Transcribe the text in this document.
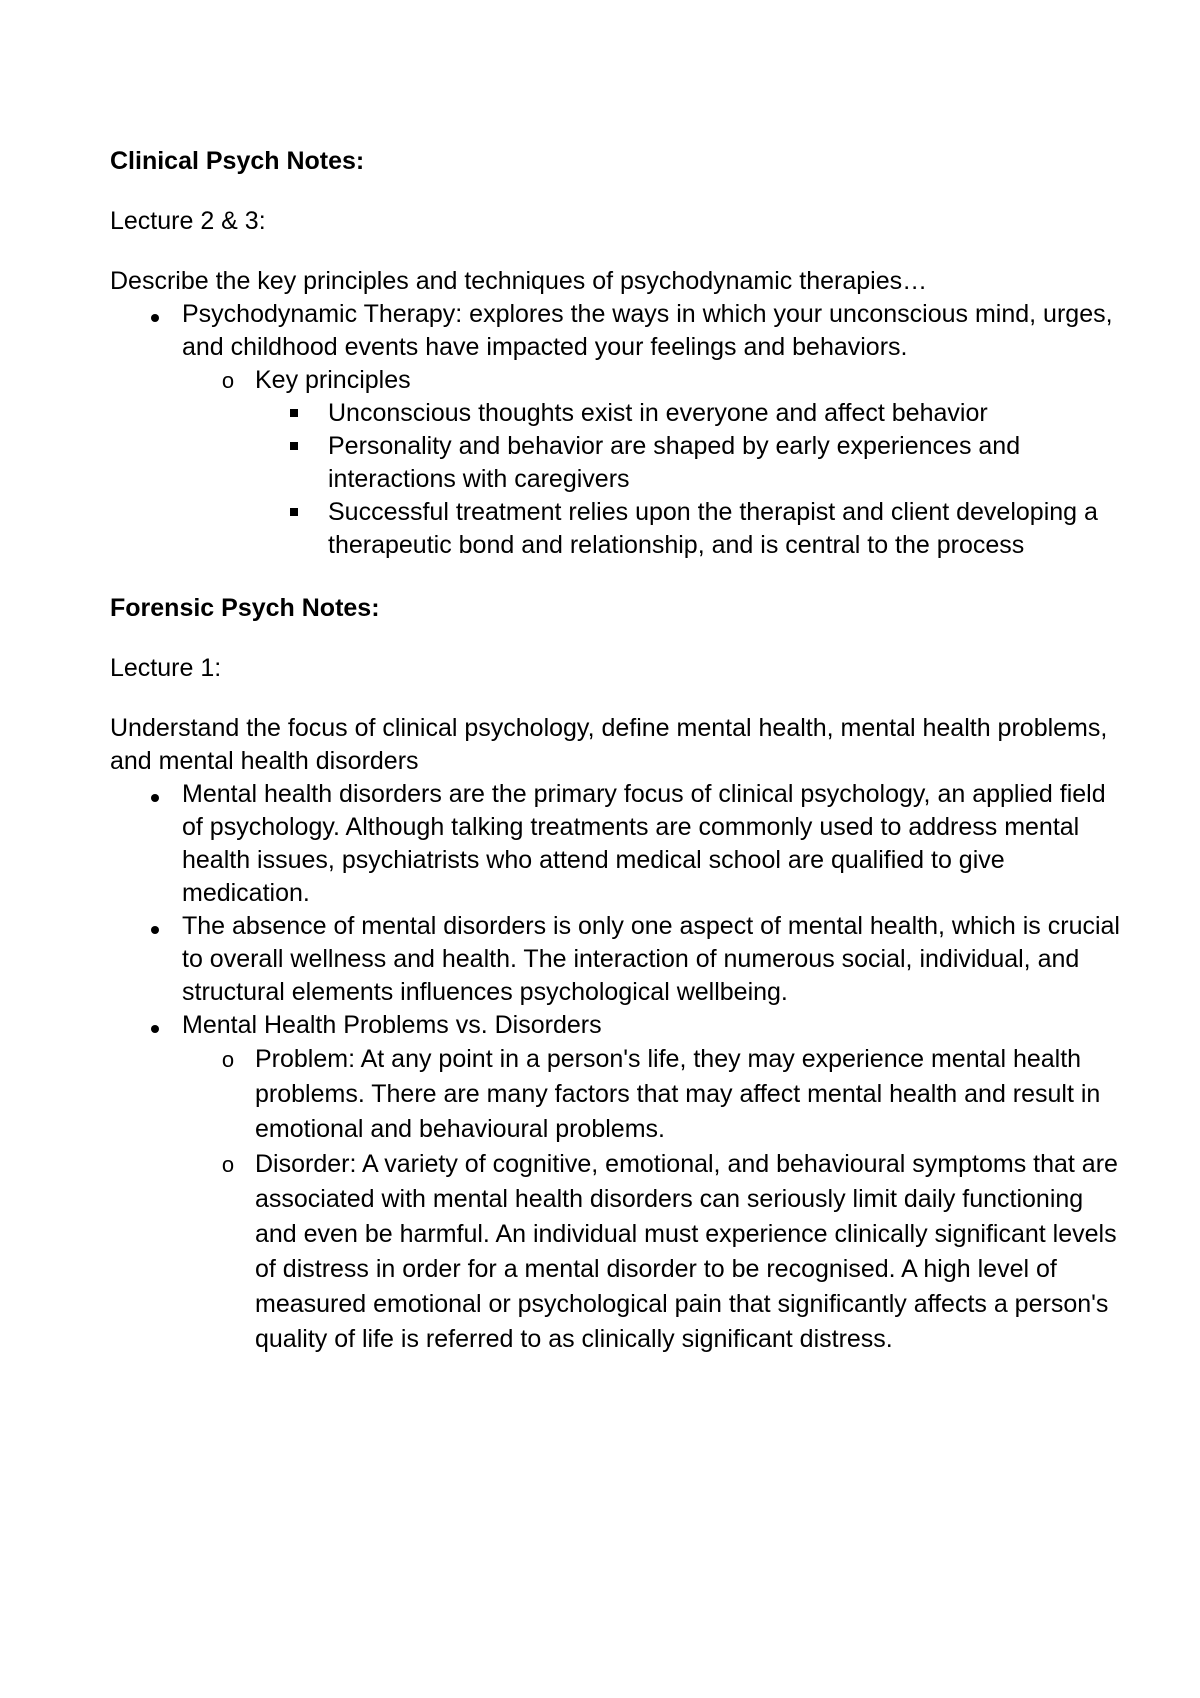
Clinical Psych Notes:

Lecture 2 & 3:

Describe the key principles and techniques of psychodynamic therapies…

Psychodynamic Therapy: explores the ways in which your unconscious mind, urges, and childhood events have impacted your feelings and behaviors.
o Key principles
Unconscious thoughts exist in everyone and affect behavior
Personality and behavior are shaped by early experiences and interactions with caregivers
Successful treatment relies upon the therapist and client developing a therapeutic bond and relationship, and is central to the process

Forensic Psych Notes:

Lecture 1:

Understand the focus of clinical psychology, define mental health, mental health problems, and mental health disorders

Mental health disorders are the primary focus of clinical psychology, an applied field of psychology. Although talking treatments are commonly used to address mental health issues, psychiatrists who attend medical school are qualified to give medication.
The absence of mental disorders is only one aspect of mental health, which is crucial to overall wellness and health. The interaction of numerous social, individual, and structural elements influences psychological wellbeing.
Mental Health Problems vs. Disorders
o Problem: At any point in a person's life, they may experience mental health problems. There are many factors that may affect mental health and result in emotional and behavioural problems.
o Disorder: A variety of cognitive, emotional, and behavioural symptoms that are associated with mental health disorders can seriously limit daily functioning and even be harmful. An individual must experience clinically significant levels of distress in order for a mental disorder to be recognised. A high level of measured emotional or psychological pain that significantly affects a person's quality of life is referred to as clinically significant distress.
